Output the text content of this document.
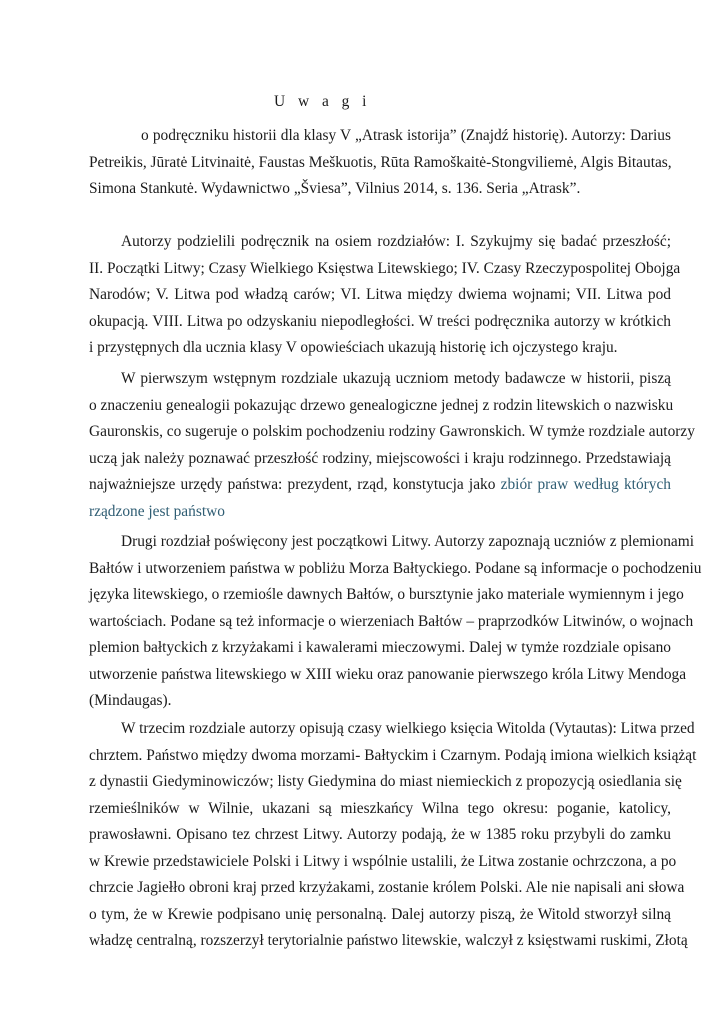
U w a g i
o podręczniku historii dla klasy V „Atrask istorija” (Znajdź historię). Autorzy: Darius
Petreikis, Jūratė Litvinaitė, Faustas Meškuotis, Rūta Ramoškaitė-Stongviliemė, Algis Bitautas,
Simona Stankutė. Wydawnictwo „Šviesa”, Vilnius 2014, s. 136. Seria „Atrask”.
Autorzy podzielili podręcznik na osiem rozdziałów: I. Szykujmy się badać przeszłość;
II. Początki Litwy; Czasy Wielkiego Księstwa Litewskiego; IV. Czasy Rzeczypospolitej Obojga
Narodów; V. Litwa pod władzą carów; VI. Litwa między dwiema wojnami; VII. Litwa pod
okupacją. VIII. Litwa po odzyskaniu niepodległości. W treści podręcznika autorzy w krótkich
i przystępnych dla ucznia klasy V opowieściach ukazują historię ich ojczystego kraju.
W pierwszym wstępnym rozdziale ukazują uczniom metody badawcze w historii, piszą
o znaczeniu genealogii pokazując drzewo genealogiczne jednej z rodzin litewskich o nazwisku
Gauronskis, co sugeruje o polskim pochodzeniu rodziny Gawronskich. W tymże rozdziale autorzy
uczą jak należy poznawać przeszłość rodziny, miejscowości i kraju rodzinnego. Przedstawiają
najważniejsze urzędy państwa: prezydent, rząd, konstytucja jako zbiór praw według których
rządzone jest państwo
Drugi rozdział poświęcony jest początkowi Litwy. Autorzy zapoznają uczniów z plemionami
Bałtów i utworzeniem państwa w pobliżu Morza Bałtyckiego. Podane są informacje o pochodzeniu
języka litewskiego, o rzemiośle dawnych Bałtów, o bursztynie jako materiale wymiennym i jego
wartościach. Podane są też informacje o wierzeniach Bałtów – praprzodków Litwinów, o wojnach
plemion bałtyckich z krzyżakami i kawalerami mieczowymi. Dalej w tymże rozdziale opisano
utworzenie państwa litewskiego w XIII wieku oraz panowanie pierwszego króla Litwy Mendoga
(Mindaugas).
W trzecim rozdziale autorzy opisują czasy wielkiego księcia Witolda (Vytautas): Litwa przed
chrztem. Państwo między dwoma morzami- Bałtyckim i Czarnym. Podają imiona wielkich książąt
z dynastii Giedyminowiczów; listy Giedymina do miast niemieckich z propozycją osiedlania się
rzemieślników w Wilnie, ukazani są mieszkańcy Wilna tego okresu: poganie, katolicy,
prawosławni. Opisano tez chrzest Litwy. Autorzy podają, że w 1385 roku przybyli do zamku
w Krewie przedstawiciele Polski i Litwy i wspólnie ustalili, że Litwa zostanie ochrzczona, a po
chrzcie Jagiełło obroni kraj przed krzyżakami, zostanie królem Polski. Ale nie napisali ani słowa
o tym, że w Krewie podpisano unię personalną. Dalej autorzy piszą, że Witold stworzył silną
władzę centralną, rozszerzył terytorialnie państwo litewskie, walczył z księstwami ruskimi, Złotą
